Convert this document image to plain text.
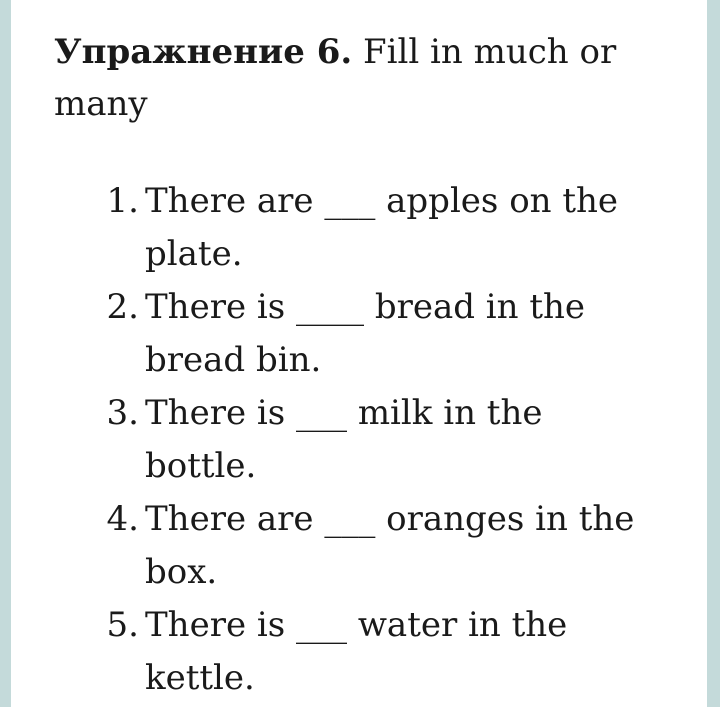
Упражнение 6. Fill in much or many
1. There are ___ apples on the plate.
2. There is ____ bread in the bread bin.
3. There is ___ milk in the bottle.
4. There are ___ oranges in the box.
5. There is ___ water in the kettle.
